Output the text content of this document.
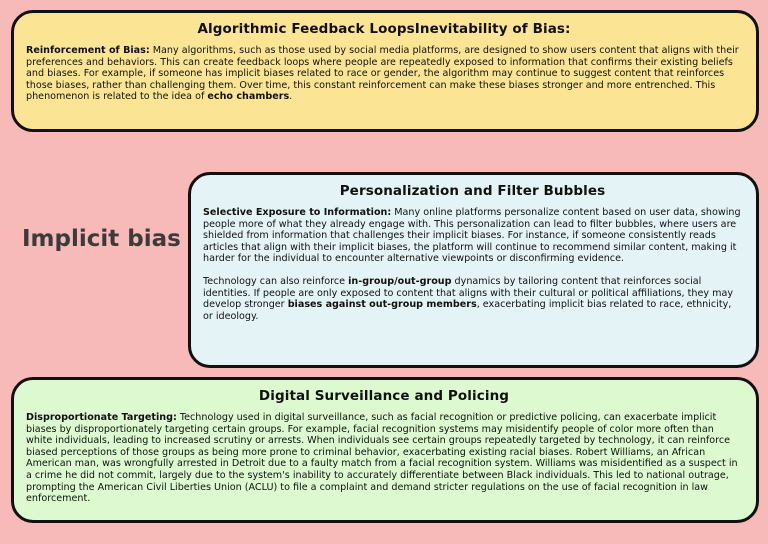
Algorithmic Feedback LoopsInevitability of Bias:

Reinforcement of Bias: Many algorithms, such as those used by social media platforms, are designed to show users content that aligns with their preferences and behaviors. This can create feedback loops where people are repeatedly exposed to information that confirms their existing beliefs and biases. For example, if someone has implicit biases related to race or gender, the algorithm may continue to suggest content that reinforces those biases, rather than challenging them. Over time, this constant reinforcement can make these biases stronger and more entrenched. This phenomenon is related to the idea of echo chambers.

Implicit bias
Personalization and Filter Bubbles

Selective Exposure to Information: Many online platforms personalize content based on user data, showing people more of what they already engage with. This personalization can lead to filter bubbles, where users are shielded from information that challenges their implicit biases. For instance, if someone consistently reads articles that align with their implicit biases, the platform will continue to recommend similar content, making it harder for the individual to encounter alternative viewpoints or disconfirming evidence.

Technology can also reinforce in-group/out-group dynamics by tailoring content that reinforces social identities. If people are only exposed to content that aligns with their cultural or political affiliations, they may develop stronger biases against out-group members, exacerbating implicit bias related to race, ethnicity, or ideology.

Digital Surveillance and Policing

Disproportionate Targeting: Technology used in digital surveillance, such as facial recognition or predictive policing, can exacerbate implicit biases by disproportionately targeting certain groups. For example, facial recognition systems may misidentify people of color more often than white individuals, leading to increased scrutiny or arrests. When individuals see certain groups repeatedly targeted by technology, it can reinforce biased perceptions of those groups as being more prone to criminal behavior, exacerbating existing racial biases. Robert Williams, an African American man, was wrongfully arrested in Detroit due to a faulty match from a facial recognition system. Williams was misidentified as a suspect in a crime he did not commit, largely due to the system's inability to accurately differentiate between Black individuals. This led to national outrage, prompting the American Civil Liberties Union (ACLU) to file a complaint and demand stricter regulations on the use of facial recognition in law enforcement.
